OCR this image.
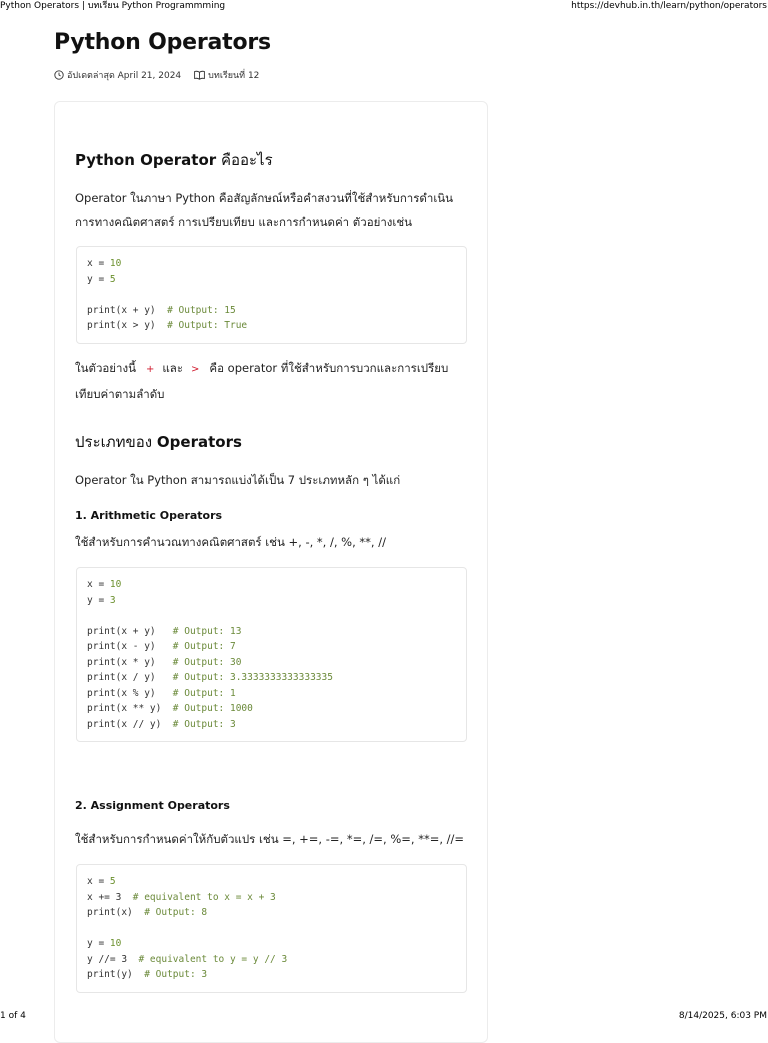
Python Operators | บทเรียน Python Programmming	https://devhub.in.th/learn/python/operators
Python Operators
อัปเดตล่าสุด April 21, 2024	บทเรียนที่ 12
Python Operator คืออะไร

Operator ในภาษา Python คือสัญลักษณ์หรือคำสงวนที่ใช้สำหรับการดำเนินการทางคณิตศาสตร์ การเปรียบเทียบ และการกำหนดค่า ตัวอย่างเช่น

x = 10
y = 5
print(x + y)  # Output: 15
print(x > y)  # Output: True

ในตัวอย่างนี้ + และ > คือ operator ที่ใช้สำหรับการบวกและการเปรียบ
เทียบค่าตามลำดับ

ประเภทของ Operators

Operator ใน Python สามารถแบ่งได้เป็น 7 ประเภทหลัก ๆ ได้แก่

1. Arithmetic Operators

ใช้สำหรับการคำนวณทางคณิตศาสตร์ เช่น +, -, *, /, %, **, //

x = 10
y = 3
print(x + y)   # Output: 13
print(x - y)   # Output: 7
print(x * y)   # Output: 30
print(x / y)   # Output: 3.3333333333333335
print(x % y)   # Output: 1
print(x ** y)  # Output: 1000
print(x // y)  # Output: 3
2. Assignment Operators

ใช้สำหรับการกำหนดค่าให้กับตัวแปร เช่น =, +=, -=, *=, /=, %=, **=, //=

x = 5
x += 3  # equivalent to x = x + 3
print(x)  # Output: 8
y = 10
y //= 3  # equivalent to y = y // 3
print(y)  # Output: 3
1 of 4	8/14/2025, 6:03 PM
